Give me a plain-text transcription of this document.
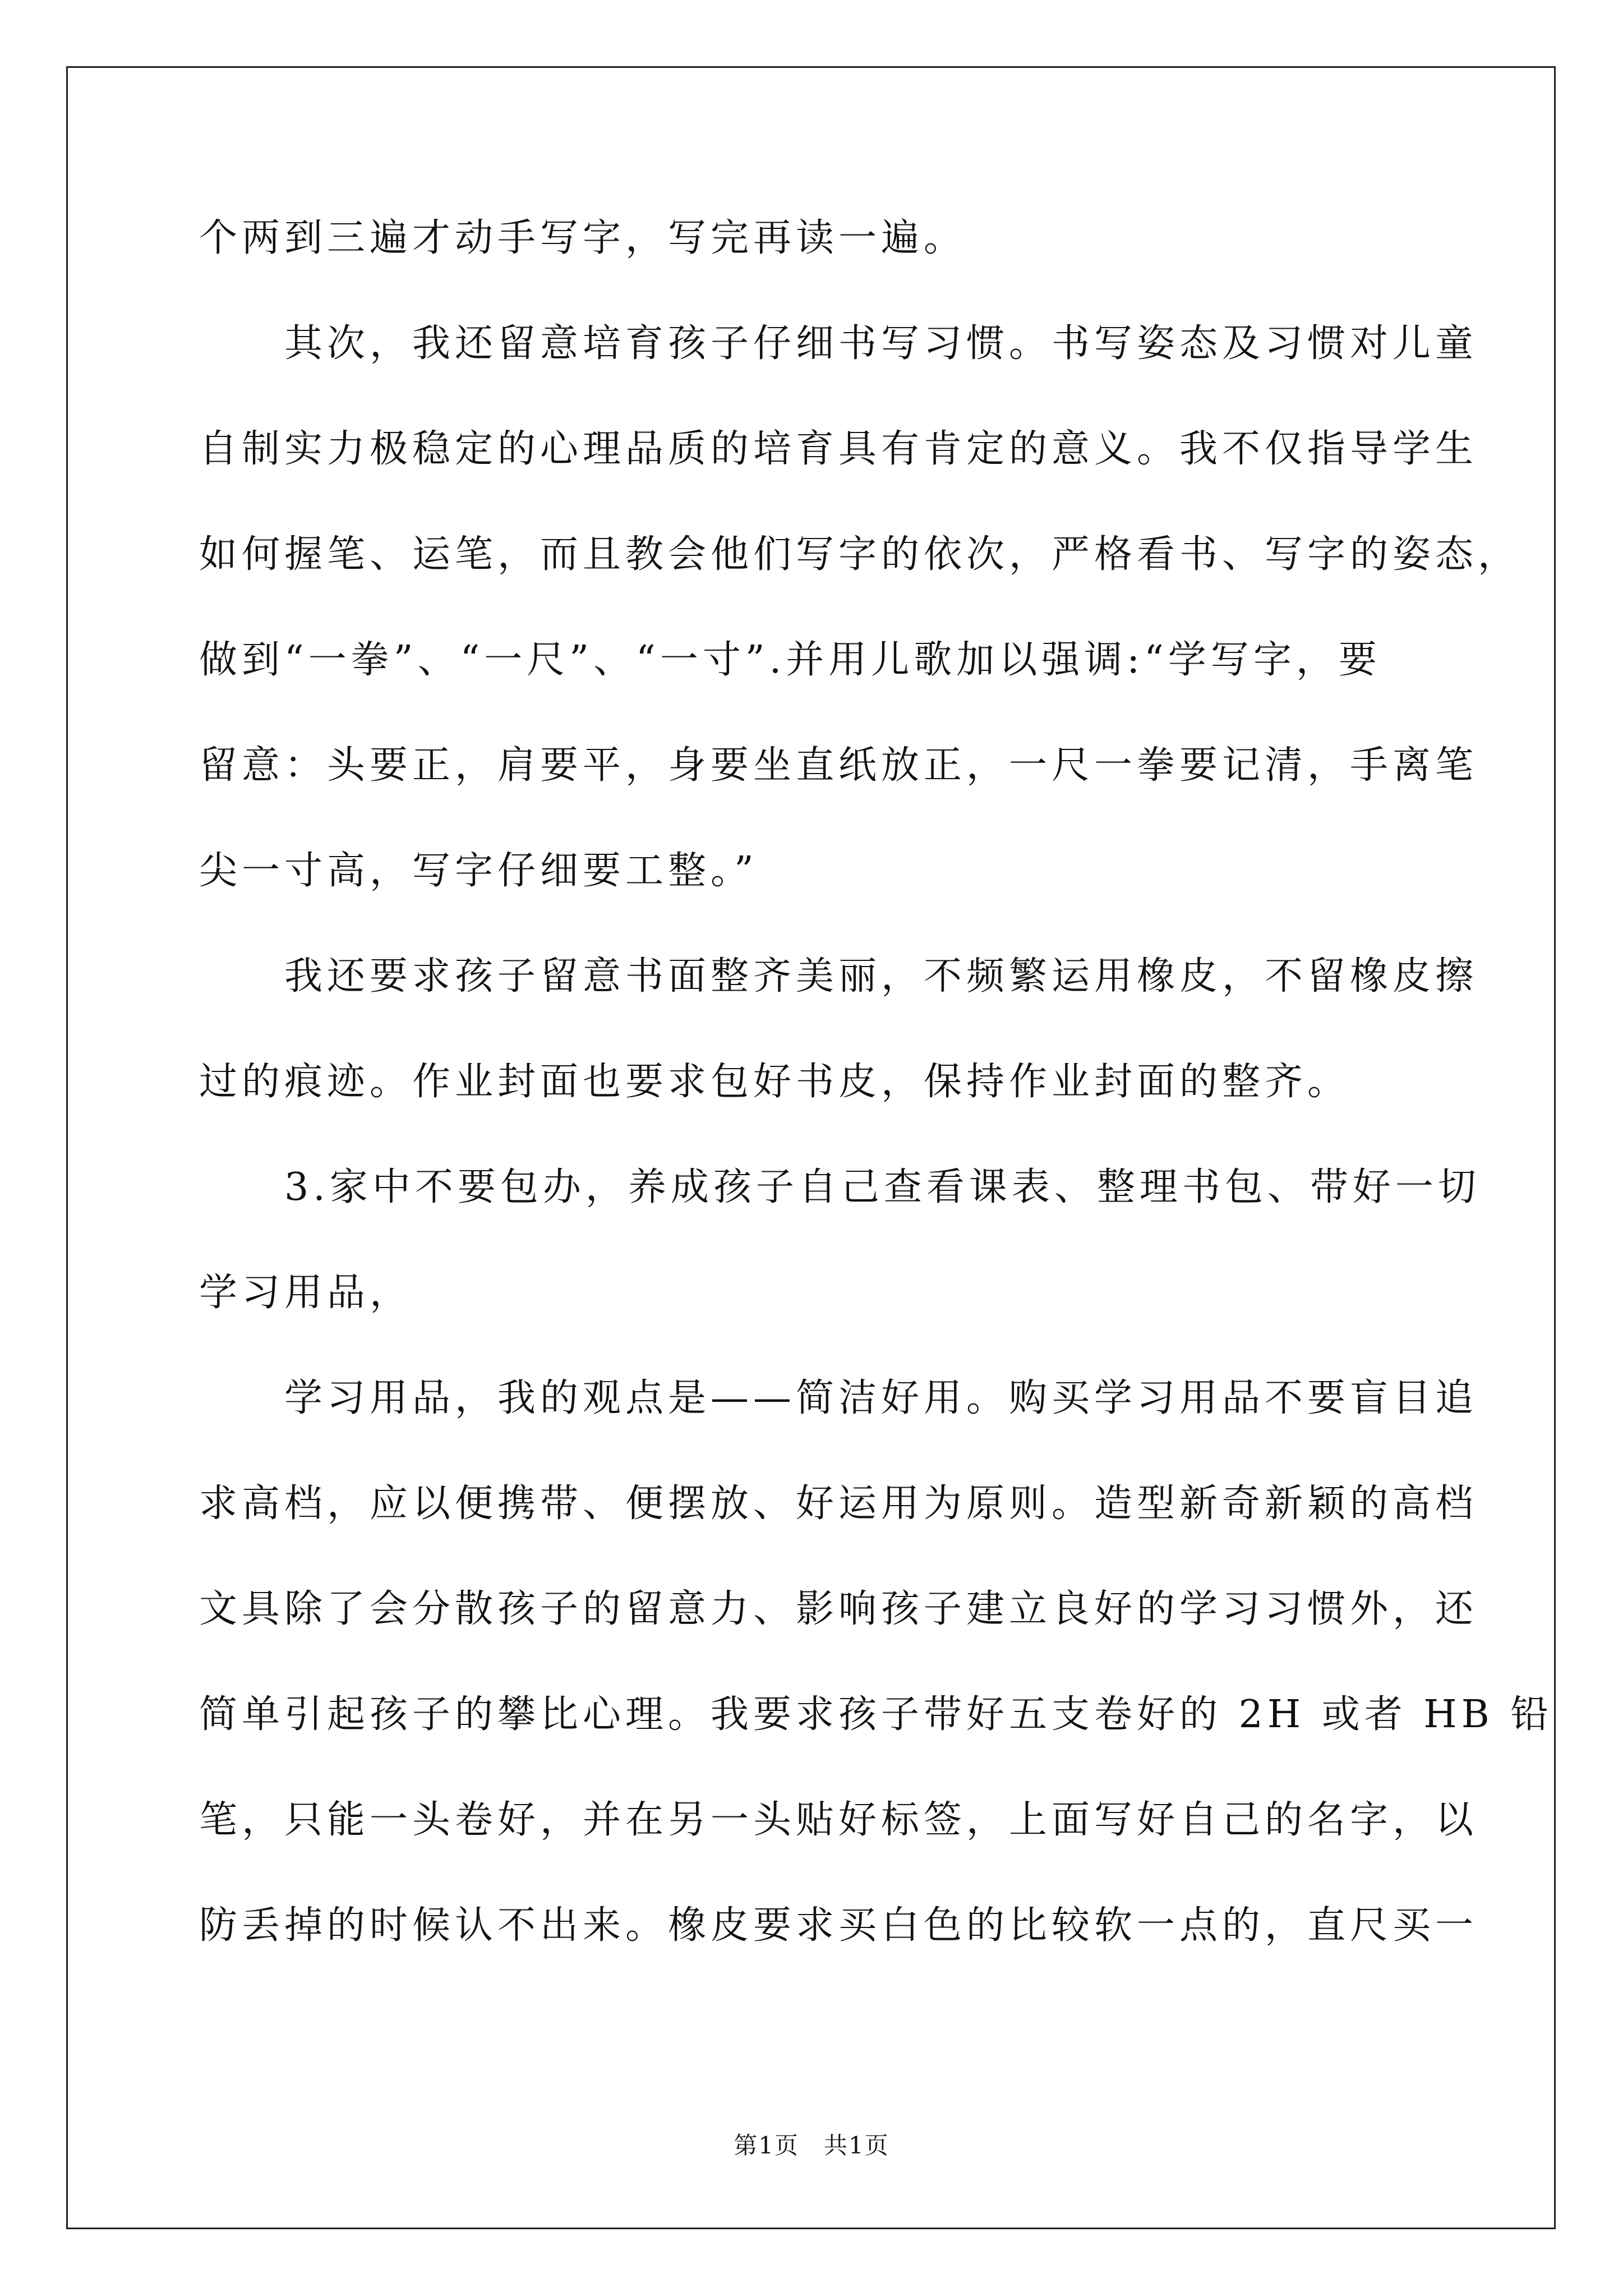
个两到三遍才动手写字，写完再读一遍。
其次，我还留意培育孩子仔细书写习惯。书写姿态及习惯对儿童
自制实力极稳定的心理品质的培育具有肯定的意义。我不仅指导学生
如何握笔、运笔，而且教会他们写字的依次，严格看书、写字的姿态，
做到“一拳”、“一尺”、“一寸”.并用儿歌加以强调:“学写字，要
留意：头要正，肩要平，身要坐直纸放正，一尺一拳要记清，手离笔
尖一寸高，写字仔细要工整。”
我还要求孩子留意书面整齐美丽，不频繁运用橡皮，不留橡皮擦
过的痕迹。作业封面也要求包好书皮，保持作业封面的整齐。
3.家中不要包办，养成孩子自己查看课表、整理书包、带好一切
学习用品，
学习用品，我的观点是——简洁好用。购买学习用品不要盲目追
求高档，应以便携带、便摆放、好运用为原则。造型新奇新颖的高档
文具除了会分散孩子的留意力、影响孩子建立良好的学习习惯外，还
简单引起孩子的攀比心理。我要求孩子带好五支卷好的 2H 或者 HB 铅
笔，只能一头卷好，并在另一头贴好标签，上面写好自己的名字，以
防丢掉的时候认不出来。橡皮要求买白色的比较软一点的，直尺买一
第1页　共1页
